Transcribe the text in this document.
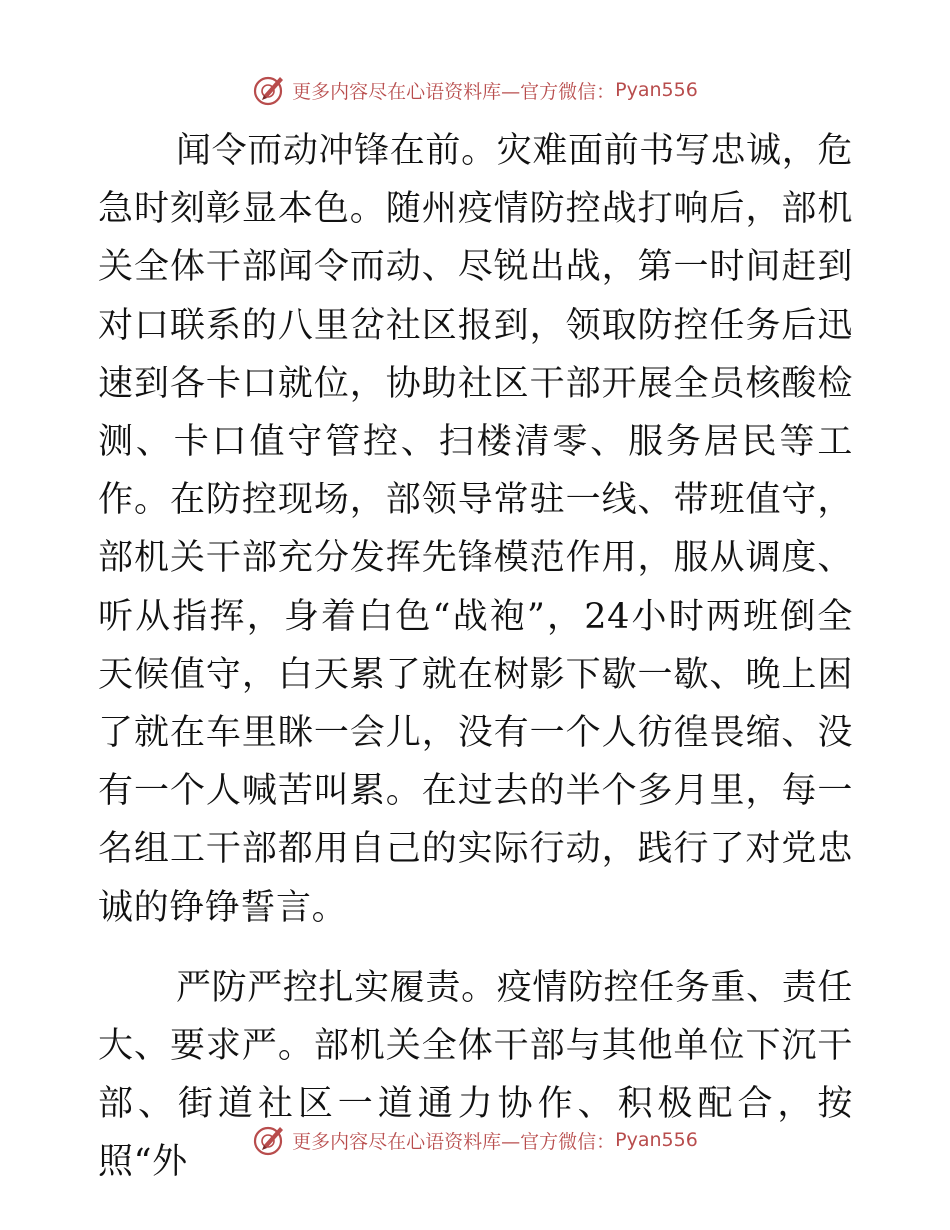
更多内容尽在心语资料库—官方微信： Pyan556

闻令而动冲锋在前。灾难面前书写忠诚，危急时刻彰显本色。随州疫情防控战打响后，部机关全体干部闻令而动、尽锐出战，第一时间赶到对口联系的八里岔社区报到，领取防控任务后迅速到各卡口就位，协助社区干部开展全员核酸检测、卡口值守管控、扫楼清零、服务居民等工作。在防控现场，部领导常驻一线、带班值守，部机关干部充分发挥先锋模范作用，服从调度、听从指挥，身着白色“战袍”，24小时两班倒全天候值守，白天累了就在树影下歇一歇、晚上困了就在车里眯一会儿，没有一个人彷徨畏缩、没有一个人喊苦叫累。在过去的半个多月里，每一名组工干部都用自己的实际行动，践行了对党忠诚的铮铮誓言。

严防严控扎实履责。疫情防控任务重、责任大、要求严。部机关全体干部与其他单位下沉干部、街道社区一道通力协作、积极配合，按照“外

更多内容尽在心语资料库—官方微信： Pyan556
